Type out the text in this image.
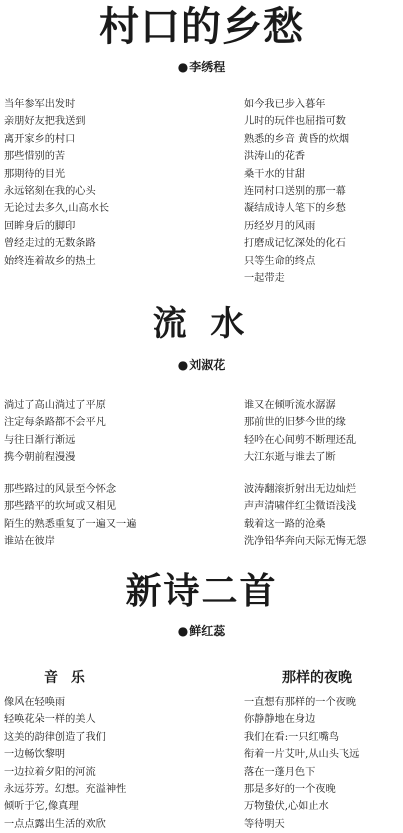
村口的乡愁
●李绣程
当年参军出发时
亲朋好友把我送到
离开家乡的村口
那些惜别的苦
那期待的目光
永远铭刻在我的心头
无论过去多久,山高水长
回眸身后的脚印
曾经走过的无数条路
始终连着故乡的热土
如今我已步入暮年
儿时的玩伴也屈指可数
熟悉的乡音 黄昏的炊烟
洪涛山的花香
桑干水的甘甜
连同村口送别的那一幕
凝结成诗人笔下的乡愁
历经岁月的风雨
打磨成记忆深处的化石
只等生命的终点
一起带走
流 水
●刘淑花
淌过了高山淌过了平原
注定每条路都不会平凡
与往日渐行渐远
携今朝前程漫漫
那些路过的风景至今怀念
那些踏平的坎坷或又相见
陌生的熟悉重复了一遍又一遍
谁站在彼岸
谁又在倾听流水潺潺
那前世的旧梦今世的缘
轻吟在心间剪不断理还乱
大江东逝与谁去了断
波涛翻滚折射出无边灿烂
声声清啸伴红尘微语浅浅
载着这一路的沧桑
洗净铅华奔向天际无悔无怨
新诗二首
●鲜红蕊
音 乐	那样的夜晚
像风在轻唤雨
轻唤花朵一样的美人
这美的韵律创造了我们
一边畅饮黎明
一边拉着夕阳的河流
永远芬芳。幻想。充溢神性
倾听于它,像真理
一点点露出生活的欢欣
一直想有那样的一个夜晚
你静静地在身边
我们在看:一只红嘴鸟
衔着一片艾叶,从山头飞远
落在一蓬月色下
那是多好的一个夜晚
万物蛰伏,心如止水
等待明天
